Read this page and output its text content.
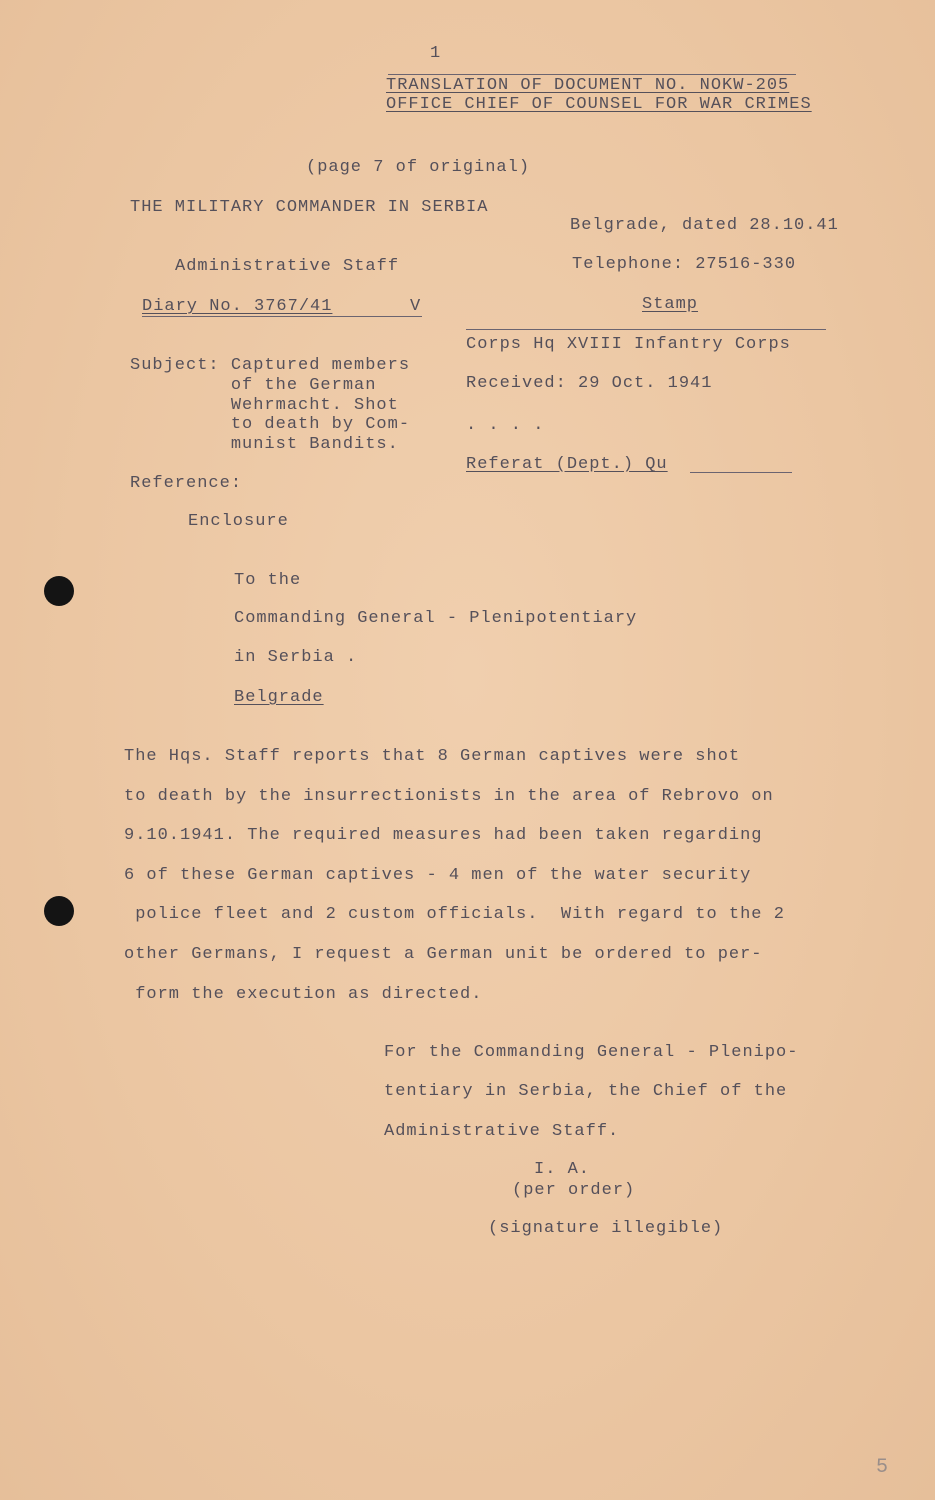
1
TRANSLATION OF DOCUMENT NO. NOKW-205
OFFICE CHIEF OF COUNSEL FOR WAR CRIMES
(page 7 of original)
THE MILITARY COMMANDER IN SERBIA
Belgrade, dated 28.10.41
Administrative Staff	Telephone: 27516-330
Diary No. 3767/41	V	Stamp
Corps Hq XVIII Infantry Corps
Received: 29 Oct. 1941
. . . .
Referat (Dept.) Qu
Subject: Captured members
of the German
Wehrmacht. Shot
to death by Com-
munist Bandits.
Reference:
Enclosure
To the
Commanding General - Plenipotentiary
in Serbia .
Belgrade
The Hqs. Staff reports that 8 German captives were shot
to death by the insurrectionists in the area of Rebrovo on
9.10.1941. The required measures had been taken regarding
6 of these German captives - 4 men of the water security
police fleet and 2 custom officials.  With regard to the 2
other Germans, I request a German unit be ordered to per-
form the execution as directed.
For the Commanding General - Plenipo-
tentiary in Serbia, the Chief of the
Administrative Staff.
I. A.
(per order)
(signature illegible)
5
